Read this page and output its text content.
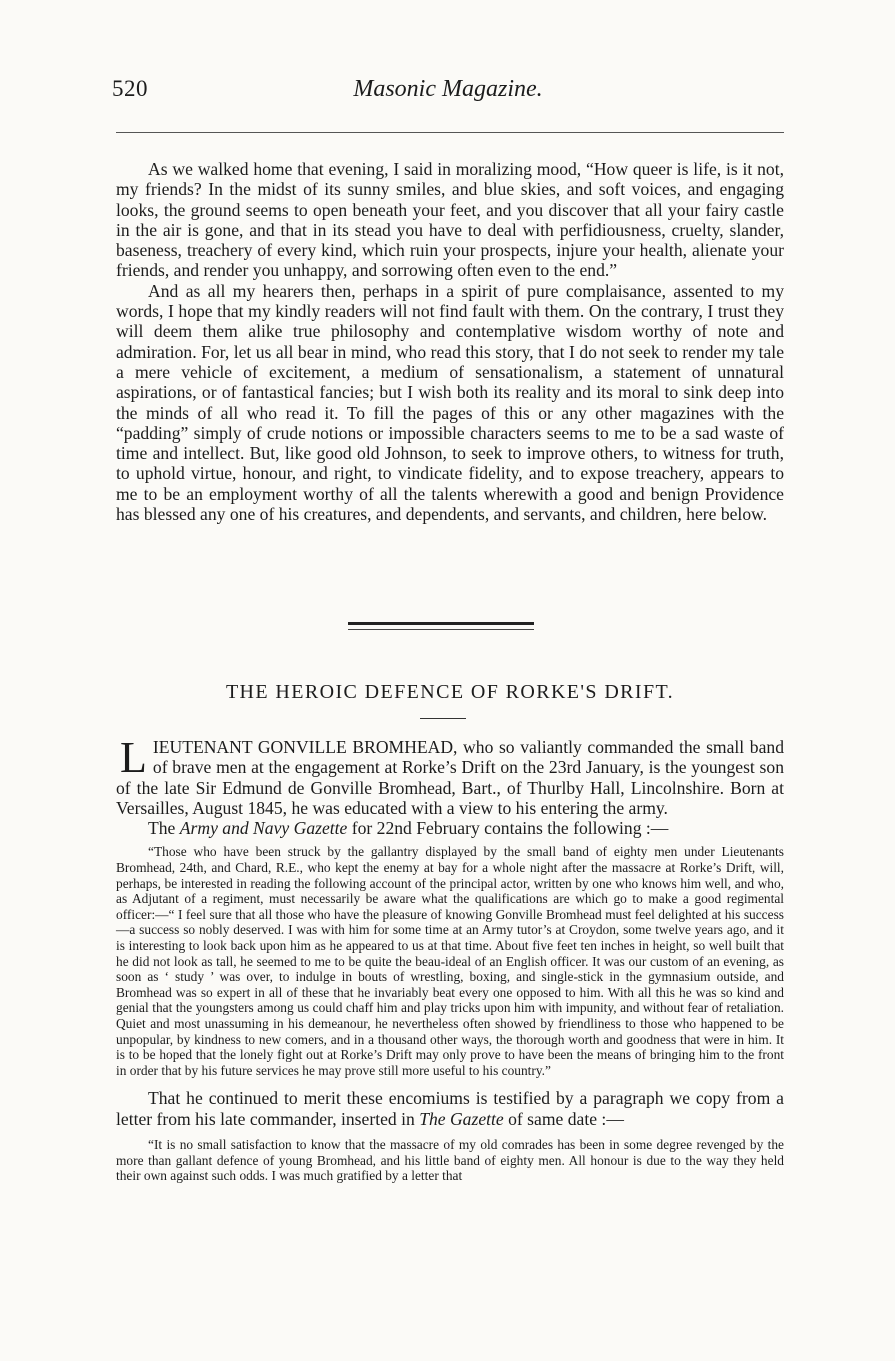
520	Masonic Magazine.

As we walked home that evening, I said in moralizing mood, “How queer is life, is it not, my friends? In the midst of its sunny smiles, and blue skies, and soft voices, and engaging looks, the ground seems to open beneath your feet, and you discover that all your fairy castle in the air is gone, and that in its stead you have to deal with perfidiousness, cruelty, slander, baseness, treachery of every kind, which ruin your prospects, injure your health, alienate your friends, and render you unhappy, and sorrowing often even to the end.”

And as all my hearers then, perhaps in a spirit of pure complaisance, assented to my words, I hope that my kindly readers will not find fault with them. On the contrary, I trust they will deem them alike true philosophy and contemplative wisdom worthy of note and admiration. For, let us all bear in mind, who read this story, that I do not seek to render my tale a mere vehicle of excitement, a medium of sensationalism, a statement of unnatural aspirations, or of fantastical fancies; but I wish both its reality and its moral to sink deep into the minds of all who read it. To fill the pages of this or any other magazines with the “padding” simply of crude notions or impossible characters seems to me to be a sad waste of time and intellect. But, like good old Johnson, to seek to improve others, to witness for truth, to uphold virtue, honour, and right, to vindicate fidelity, and to expose treachery, appears to me to be an employment worthy of all the talents wherewith a good and benign Providence has blessed any one of his creatures, and dependents, and servants, and children, here below.

THE HEROIC DEFENCE OF RORKE'S DRIFT.

LIEUTENANT GONVILLE BROMHEAD, who so valiantly commanded the small band of brave men at the engagement at Rorke’s Drift on the 23rd January, is the youngest son of the late Sir Edmund de Gonville Bromhead, Bart., of Thurlby Hall, Lincolnshire. Born at Versailles, August 1845, he was educated with a view to his entering the army.

The Army and Navy Gazette for 22nd February contains the following :—

“Those who have been struck by the gallantry displayed by the small band of eighty men under Lieutenants Bromhead, 24th, and Chard, R.E., who kept the enemy at bay for a whole night after the massacre at Rorke’s Drift, will, perhaps, be interested in reading the following account of the principal actor, written by one who knows him well, and who, as Adjutant of a regiment, must necessarily be aware what the qualifications are which go to make a good regimental officer:—“ I feel sure that all those who have the pleasure of knowing Gonville Bromhead must feel delighted at his success—a success so nobly deserved. I was with him for some time at an Army tutor’s at Croydon, some twelve years ago, and it is interesting to look back upon him as he appeared to us at that time. About five feet ten inches in height, so well built that he did not look as tall, he seemed to me to be quite the beau-ideal of an English officer. It was our custom of an evening, as soon as ‘ study ’ was over, to indulge in bouts of wrestling, boxing, and single-stick in the gymnasium outside, and Bromhead was so expert in all of these that he invariably beat every one opposed to him. With all this he was so kind and genial that the youngsters among us could chaff him and play tricks upon him with impunity, and without fear of retaliation. Quiet and most unassuming in his demeanour, he nevertheless often showed by friendliness to those who happened to be unpopular, by kindness to new comers, and in a thousand other ways, the thorough worth and goodness that were in him. It is to be hoped that the lonely fight out at Rorke’s Drift may only prove to have been the means of bringing him to the front in order that by his future services he may prove still more useful to his country.”

That he continued to merit these encomiums is testified by a paragraph we copy from a letter from his late commander, inserted in The Gazette of same date :—

“It is no small satisfaction to know that the massacre of my old comrades has been in some degree revenged by the more than gallant defence of young Bromhead, and his little band of eighty men. All honour is due to the way they held their own against such odds. I was much gratified by a letter that
